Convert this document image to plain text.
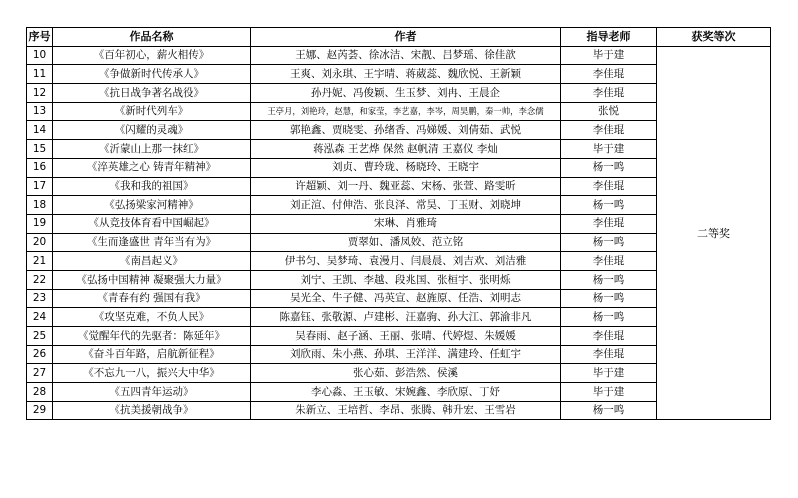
序号	作品名称	作者	指导老师	获奖等次
10	《百年初心，薪火相传》	王娜、赵芮荟、徐冰洁、宋靓、吕梦瑶、徐佳歆	毕于建	二等奖
11	《争做新时代传承人》	王爽、刘永琪、王宇晴、蒋葳蕊、魏欣悦、王新颖	李佳琨	
12	《抗日战争著名战役》	孙丹妮、冯俊颖、生玉梦、刘冉、王晨企	李佳琨	
13	《新时代列车》	王亭月，刘艳玲，赵慧，和家莹，李艺嘉，李岑，周昊鹏，秦一帅，李念儒	张悦	
14	《闪耀的灵魂》	郭艳鑫、贾晓雯、孙绪香、冯娣媛、刘倩茹、武悦	李佳琨	
15	《沂蒙山上那一抹红》	蒋泓森 王艺烨 保然 赵帆清 王嘉仪 李灿	毕于建	
16	《淬英雄之心 铸青年精神》	刘贞、曹玲珑、杨晓玲、王晓宇	杨一鸣	
17	《我和我的祖国》	许超颖、刘一丹、魏亚蕊、宋杨、张萱、路雯昕	李佳琨	
18	《弘扬梁家河精神》	刘正渲、付伸浩、张良泽、常昊、丁玉财、刘晓坤	杨一鸣	
19	《从竞技体育看中国崛起》	宋琳、肖雅琦	李佳琨	
20	《生而逢盛世 青年当有为》	贾翠如、潘凤姣、范立铭	杨一鸣	
21	《南昌起义》	伊书匀、吴梦琦、袁漫月、闫晨晨、刘吉欢、刘洁雅	李佳琨	
22	《弘扬中国精神 凝聚强大力量》	刘宁、王凯、李越、段兆国、张桓宇、张明烁	杨一鸣	
23	《青春有约 强国有我》	吴光全、牛子健、冯英宣、赵旌原、任浩、刘明志	杨一鸣	
24	《攻坚克难，不负人民》	陈嘉钰、张敬源、卢建彬、汪嘉驹、孙大江、郭渝非凡	杨一鸣	
25	《觉醒年代的先驱者：陈延年》	吴春雨、赵子涵、王丽、张晴、代婷煜、朱媛媛	李佳琨	
26	《奋斗百年路，启航新征程》	刘欣雨、朱小燕、孙琪、王洋洋、满建玲、任虹宇	李佳琨	
27	《不忘九一八，振兴大中华》	张心茹、彭浩然、侯溪	毕于建	
28	《五四青年运动》	李心淼、王玉敏、宋婉鑫、李欣原、丁妤	毕于建	
29	《抗美援朝战争》	朱新立、王培哲、李昂、张腾、韩升宏、王雪岩	杨一鸣	
